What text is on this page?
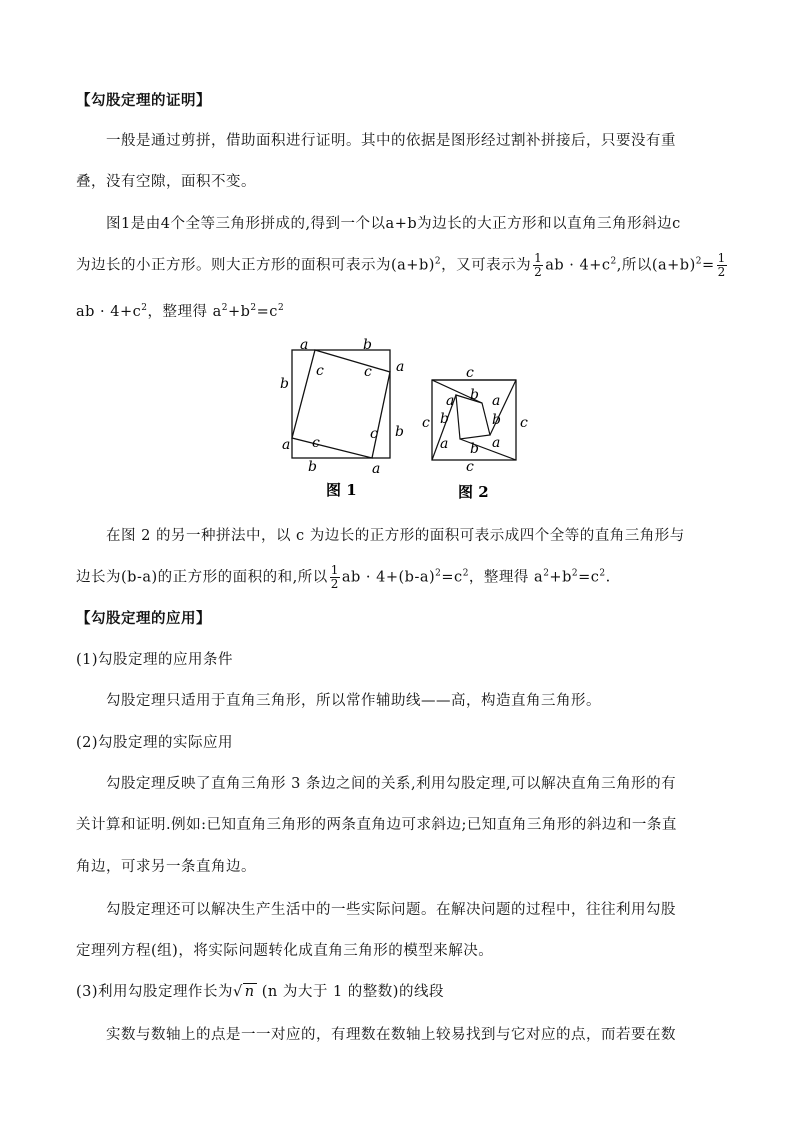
【勾股定理的证明】
一般是通过剪拼，借助面积进行证明。其中的依据是图形经过割补拼接后，只要没有重
叠，没有空隙，面积不变。
图1是由4个全等三角形拼成的,得到一个以a+b为边长的大正方形和以直角三角形斜边c
为边长的小正方形。则大正方形的面积可表示为$(a+b)^2$，又可表示为 $\frac{1}{2}$ ab · $4+c^2$,所以$(a+b)^2= \frac{1}{2}$
ab · $4+c^2$，整理得 $a^2+b^2=c^2$
a	b
b
a
c
c
a c
c b
b	a
图 1
c
c
c
c
a b a
b	b
a b a
图 2
在图 2 的另一种拼法中，以 c 为边长的正方形的面积可表示成四个全等的直角三角形与
边长为(b-a)的正方形的面积的和,所以 $\frac{1}{2}$ ab · $4+(b-a)^2=c^2$，整理得 $a^2+b^2=c^2$.
【勾股定理的应用】
(1)勾股定理的应用条件
勾股定理只适用于直角三角形，所以常作辅助线——高，构造直角三角形。
(2)勾股定理的实际应用
勾股定理反映了直角三角形 3 条边之间的关系,利用勾股定理,可以解决直角三角形的有
关计算和证明.例如:已知直角三角形的两条直角边可求斜边;已知直角三角形的斜边和一条直
角边，可求另一条直角边。
勾股定理还可以解决生产生活中的一些实际问题。在解决问题的过程中，往往利用勾股
定理列方程(组)，将实际问题转化成直角三角形的模型来解决。
(3)利用勾股定理作长为√ n (n 为大于 1 的整数)的线段
实数与数轴上的点是一一对应的，有理数在数轴上较易找到与它对应的点，而若要在数
